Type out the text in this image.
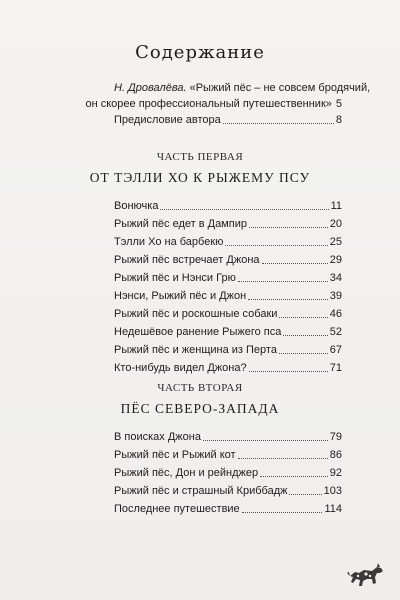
Содержание
Н. Дровалёва. «Рыжий пёс – не совсем бродячий,
он скорее профессиональный путешественник» 5
Предисловие автора	8
ЧАСТЬ ПЕРВАЯ
ОТ ТЭЛЛИ ХО К РЫЖЕМУ ПСУ
Вонючка	11
Рыжий пёс едет в Дампир	20
Тэлли Хо на барбекю	25
Рыжий пёс встречает Джона	29
Рыжий пёс и Нэнси Грю	34
Нэнси, Рыжий пёс и Джон	39
Рыжий пёс и роскошные собаки	46
Недешёвое ранение Рыжего пса	52
Рыжий пёс и женщина из Перта	67
Кто-нибудь видел Джона?	71
ЧАСТЬ ВТОРАЯ
ПЁС СЕВЕРО-ЗАПАДА
В поисках Джона	79
Рыжий пёс и Рыжий кот	86
Рыжий пёс, Дон и рейнджер	92
Рыжий пёс и страшный Криббадж	103
Последнее путешествие	114
